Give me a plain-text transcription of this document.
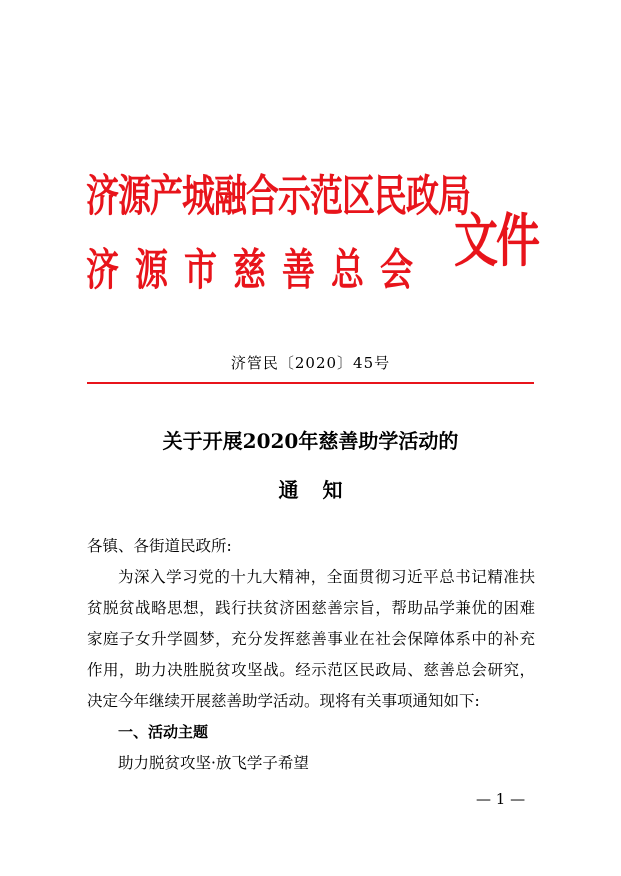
济源产城融合示范区民政局
济源市慈善总会 文件
济管民〔2020〕45号
关于开展2020年慈善助学活动的
通知

各镇、各街道民政所:

为深入学习党的十九大精神，全面贯彻习近平总书记精准扶贫脱贫战略思想，践行扶贫济困慈善宗旨，帮助品学兼优的困难家庭子女升学圆梦，充分发挥慈善事业在社会保障体系中的补充作用，助力决胜脱贫攻坚战。经示范区民政局、慈善总会研究，决定今年继续开展慈善助学活动。现将有关事项通知如下:

一、活动主题

助力脱贫攻坚·放飞学子希望

— 1 —
